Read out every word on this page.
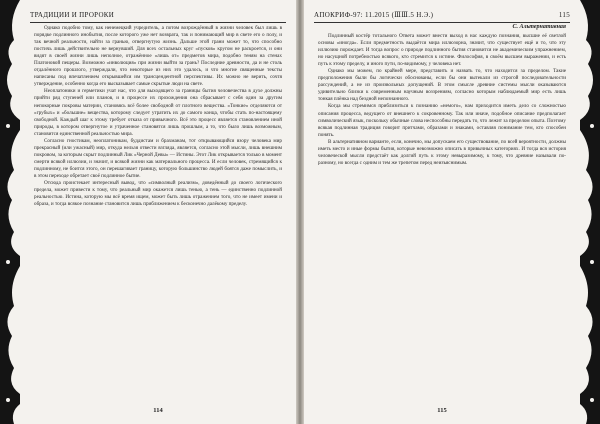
ТРАДИЦИИ И ПРОРОКИ

Однако подобно тому, как ненемецкий учредитель, а потом возрождённый в жизни человек был лишь в порядке подлинного инобытия, после которого уже нет возврата, так и понимающий мир в свете его о полу, и так вечной реальности, найти за гранью, отвергнутую жизнь. Дальше этой грани может то, что способно постичь лишь действительно не вернувший. Для всех остальных круг «пусков» кругом не раскроется, и они видят в своей жизни лишь неполное, отражённое «лишь от» предметов мира, подобно теням на стенах Платоновой пещеры. Возможно «инволюция» при жизни выйти за грань? Последние древности, да и не столь отдалённого прошлого, утверждали, что некоторые из них это удалось, и что многие священные тексты написаны под впечатлением открывшейся им трансцендентной перспективы. Их можно не верить, сочтя утверждение, особенно когда его высказывает самые скрытые люди на свете.

Неоплатоники и герметики учат нас, что для выходящего за границы бытия человечества в духе должны прийти ряд ступеней или планов, и в процессе их прохождения она сбрасывает с себя один за другим непокорные покровы материи, становясь всё более свободной от плотного вещества. «Тонкие» отделяются от «грубых» и «большие» вещества, которому следует утратить их до самого конца, чтобы стать по-настоящему свободной. Каждый шаг к этому требует отказа от привычного. Всё это процесс является становлением иной природы, в котором отвергнутое и утраченное становятся лишь прошлым, а то, что было лишь возможным, становится единственной реальностью мира.

Согласно гностикам, неоплатоникам, буддистам и брахманам, тот открывающийся взору человека мир прекрасный (или ужасный) мир, откуда нельзя отвести взгляда, является, согласно этой мысли, лишь внешним покровом, за которым скрыт подлинный Лик «Черной Девы» — Истины. Этот Лик открывается только в момент смерти всякой иллюзии, и значит, и всякой жизни как материального процесса. И если человек, стремящийся к подлинному, не боится этого, он перешагивает границу, которую большинство людей боятся даже помыслить, и в этом переходе обретает своё подлинное бытие.

Отсюда проистекает интересный вывод, что «символный реализм», доведённый до своего логического предела, может привести к тому, что реальный мир окажется лишь тенью, а тень — единственно подлинной реальностью. Истина, которую мы всё время ищем, может быть лишь отражением того, что не имеет имени и образа, и тогда всякое познание становится лишь приближением к бесконечно далёкому пределу.

114
АПОКРИФ-97: 11.2015 (ⅢⅢ.5 Н.Э.)	115
С. Альтернативная

Подлинный костёр тотального Ответа может внести выход в нас каждую познания, высшие её светлой основы «иногда». Если предметность выдаётся мира иллюзорна, значит, что существует ещё и то, что эту иллюзию порождает. И тогда вопрос о природе подлинного бытия становится не академическим упражнением, но насущной потребностью всякого, кто стремится к истине. Философия, в своём высшем выражении, и есть путь к этому пределу, и иного пути, по-видимому, у человека нет.

Однако мы можем, по крайней мере, представить и назвать то, что находится за пределом. Такие предположения были бы логически обоснованы, если бы они вытекали из строгой последовательности рассуждений, а не из произвольных допущений. В этом смысле древние системы мысли оказываются удивительно близки к современным научным воззрениям, согласно которым наблюдаемый мир есть лишь тонкая плёнка над бездной непознанного.

Когда мы стремимся приблизиться к познанию «немого», нам приходится иметь дело со сложностью описания процесса, ведущего от внешнего к сокровенному. Так или иначе, подобное описание предполагает символический язык, поскольку обычные слова неспособны передать то, что лежит за пределом опыта. Поэтому всякая подлинная традиция говорит притчами, образами и знаками, оставляя понимание тем, кто способен понять.

В альтернативном варианте, если, конечно, мы допускаем его существование, по всей вероятности, должны иметь место и иные формы бытия, которые невозможно описать в привычных категориях. И тогда вся история человеческой мысли предстаёт как долгий путь к этому невыразимому, к тому, что древние называли по-разному, но всегда с одним и тем же трепетом перед неизъяснимым.

115
